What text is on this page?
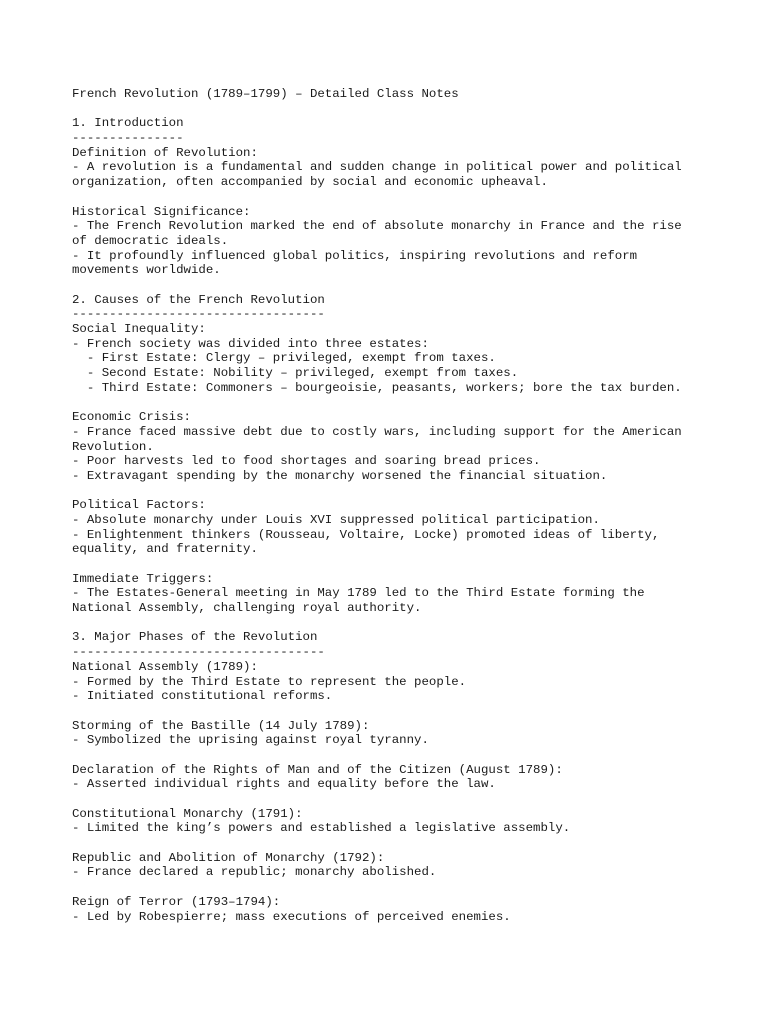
French Revolution (1789–1799) – Detailed Class Notes
1. Introduction
---------------
Definition of Revolution:
- A revolution is a fundamental and sudden change in political power and political
organization, often accompanied by social and economic upheaval.
Historical Significance:
- The French Revolution marked the end of absolute monarchy in France and the rise
of democratic ideals.
- It profoundly influenced global politics, inspiring revolutions and reform
movements worldwide.
2. Causes of the French Revolution
----------------------------------
Social Inequality:
- French society was divided into three estates:
- First Estate: Clergy – privileged, exempt from taxes.
- Second Estate: Nobility – privileged, exempt from taxes.
- Third Estate: Commoners – bourgeoisie, peasants, workers; bore the tax burden.
Economic Crisis:
- France faced massive debt due to costly wars, including support for the American
Revolution.
- Poor harvests led to food shortages and soaring bread prices.
- Extravagant spending by the monarchy worsened the financial situation.
Political Factors:
- Absolute monarchy under Louis XVI suppressed political participation.
- Enlightenment thinkers (Rousseau, Voltaire, Locke) promoted ideas of liberty,
equality, and fraternity.
Immediate Triggers:
- The Estates-General meeting in May 1789 led to the Third Estate forming the
National Assembly, challenging royal authority.
3. Major Phases of the Revolution
----------------------------------
National Assembly (1789):
- Formed by the Third Estate to represent the people.
- Initiated constitutional reforms.
Storming of the Bastille (14 July 1789):
- Symbolized the uprising against royal tyranny.
Declaration of the Rights of Man and of the Citizen (August 1789):
- Asserted individual rights and equality before the law.
Constitutional Monarchy (1791):
- Limited the king’s powers and established a legislative assembly.
Republic and Abolition of Monarchy (1792):
- France declared a republic; monarchy abolished.
Reign of Terror (1793–1794):
- Led by Robespierre; mass executions of perceived enemies.
